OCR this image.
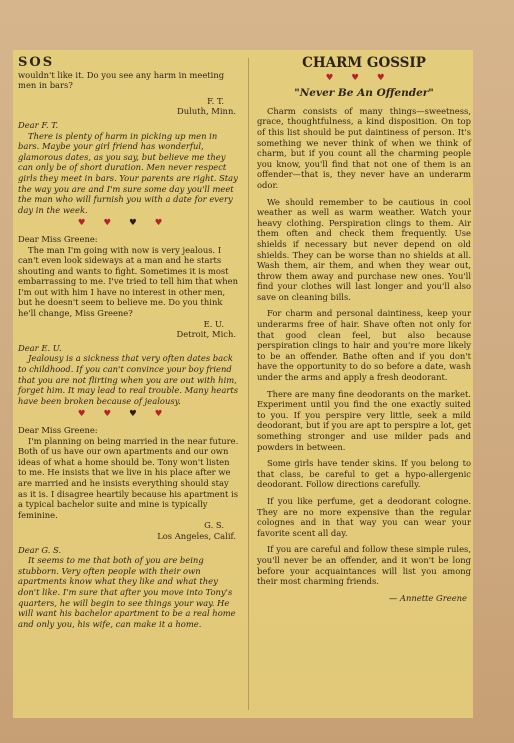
SOS

wouldn't like it. Do you see any harm in meeting men in bars?

F. T.

Duluth, Minn.

Dear F. T.

There is plenty of harm in picking up men in bars. Maybe your girl friend has wonderful, glamorous dates, as you say, but believe me they can only be of short duration. Men never respect girls they meet in bars. Your parents are right. Stay the way you are and I'm sure some day you'll meet the man who will furnish you with a date for every day in the week.

♥♥♥♥

Dear Miss Greene:

The man I'm going with now is very jealous. I can't even look sideways at a man and he starts shouting and wants to fight. Sometimes it is most embarrassing to me. I've tried to tell him that when I'm out with him I have no interest in other men, but he doesn't seem to believe me. Do you think he'll change, Miss Greene?

E. U.

Detroit, Mich.

Dear E. U.

Jealousy is a sickness that very often dates back to childhood. If you can't convince your boy friend that you are not flirting when you are out with him, forget him. It may lead to real trouble. Many hearts have been broken because of jealousy.

♥♥♥♥

Dear Miss Greene:

I'm planning on being married in the near future. Both of us have our own apartments and our own ideas of what a home should be. Tony won't listen to me. He insists that we live in his place after we are married and he insists everything should stay as it is. I disagree heartily because his apartment is a typical bachelor suite and mine is typically feminine.

G. S.

Los Angeles, Calif.

Dear G. S.

It seems to me that both of you are being stubborn. Very often people with their own apartments know what they like and what they don't like. I'm sure that after you move into Tony's quarters, he will begin to see things your way. He will want his bachelor apartment to be a real home and only you, his wife, can make it a home.

CHARM GOSSIP

♥♥♥

"Never Be An Offender"

Charm consists of many things—sweetness, grace, thoughtfulness, a kind disposition. On top of this list should be put daintiness of person. It's something we never think of when we think of charm, but if you count all the charming people you know, you'll find that not one of them is an offender—that is, they never have an underarm odor.

We should remember to be cautious in cool weather as well as warm weather. Watch your heavy clothing. Perspiration clings to them. Air them often and check them frequently. Use shields if necessary but never depend on old shields. They can be worse than no shields at all. Wash them, air them, and when they wear out, throw them away and purchase new ones. You'll find your clothes will last longer and you'll also save on cleaning bills.

For charm and personal daintiness, keep your underarms free of hair. Shave often not only for that good clean feel, but also because perspiration clings to hair and you're more likely to be an offender. Bathe often and if you don't have the opportunity to do so before a date, wash under the arms and apply a fresh deodorant.

There are many fine deodorants on the market. Experiment until you find the one exactly suited to you. If you perspire very little, seek a mild deodorant, but if you are apt to perspire a lot, get something stronger and use milder pads and powders in between.

Some girls have tender skins. If you belong to that class, be careful to get a hypo-allergenic deodorant. Follow directions carefully.

If you like perfume, get a deodorant cologne. They are no more expensive than the regular colognes and in that way you can wear your favorite scent all day.

If you are careful and follow these simple rules, you'll never be an offender, and it won't be long before your acquaintances will list you among their most charming friends.

— Annette Greene
